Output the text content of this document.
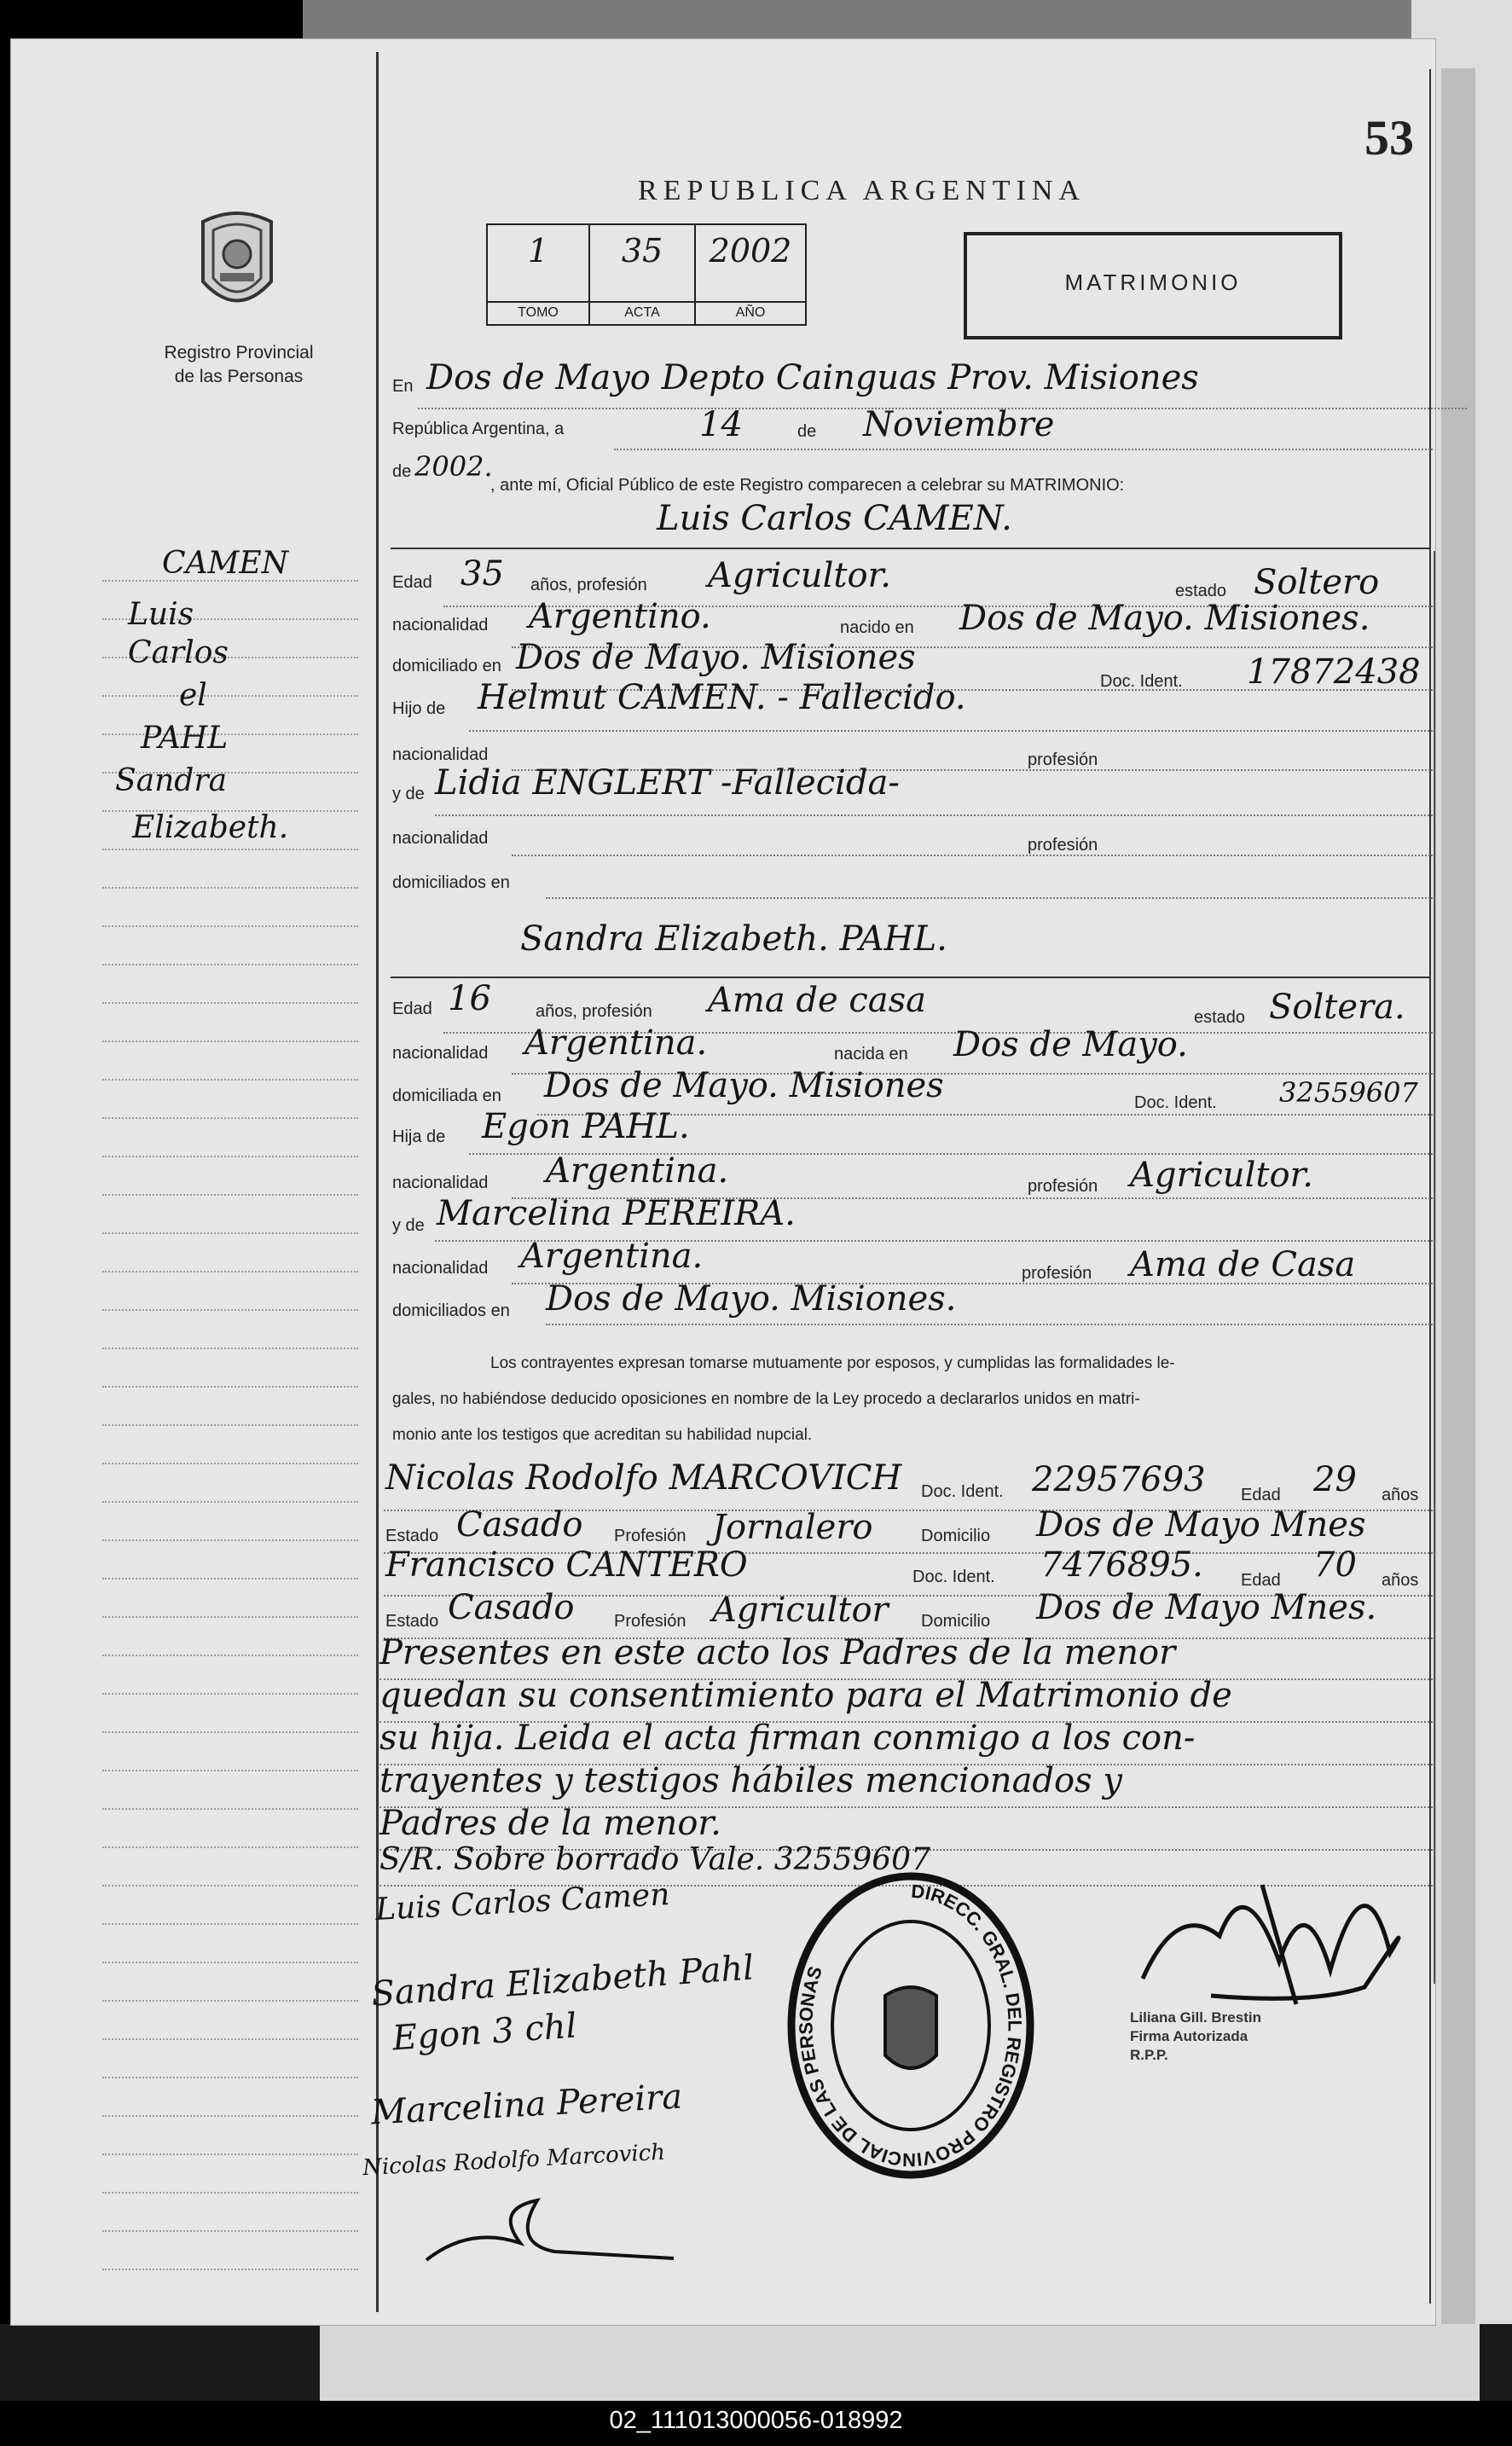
53
REPUBLICA ARGENTINA
1
TOMO
35
ACTA
2002
AÑO
MATRIMONIO
Registro Provincial
de las Personas
CAMEN
Luis
Carlos
el
PAHL
Sandra
Elizabeth.
En Dos de Mayo Depto Cainguas Prov. Misiones
República Argentina, a	14	de Noviembre
de 2002.
, ante mí, Oficial Público de este Registro comparecen a celebrar su MATRIMONIO:
Luis Carlos CAMEN.
Edad 35 años, profesión Agricultor.	estado Soltero
nacionalidad Argentino.	nacido en Dos de Mayo. Misiones.
domiciliado en Dos de Mayo. Misiones
Doc. Ident. 17872438
Hijo de Helmut CAMEN. - Fallecido.
nacionalidad	profesión
y de Lidia ENGLERT -Fallecida-
nacionalidad	profesión
domiciliados en
Sandra Elizabeth. PAHL.
Edad 16	años, profesión Ama de casa	estado Soltera.
nacionalidad Argentina.	nacida en Dos de Mayo.
domiciliada en Dos de Mayo. Misiones	Doc. Ident. 32559607
Hija de Egon PAHL.
nacionalidad Argentina.	profesión Agricultor.
y de Marcelina PEREIRA.
nacionalidad Argentina.	profesión Ama de Casa
domiciliados en Dos de Mayo. Misiones.
Los contrayentes expresan tomarse mutuamente por esposos, y cumplidas las formalidades le-
gales, no habiéndose deducido oposiciones en nombre de la Ley procedo a declararlos unidos en matri-
monio ante los testigos que acreditan su habilidad nupcial.
Nicolas Rodolfo MARCOVICH Doc. Ident. 22957693 Edad 29 años
Estado Casado Profesión Jornalero	Domicilio Dos de Mayo Mnes
Francisco CANTERO	Doc. Ident. 7476895. Edad 70 años
Estado Casado Profesión Agricultor Domicilio Dos de Mayo Mnes.
Presentes en este acto los Padres de la menor
quedan su consentimiento para el Matrimonio de
su hija. Leida el acta firman conmigo a los con-
trayentes y testigos hábiles mencionados y
Padres de la menor.
S/R. Sobre borrado Vale. 32559607
Luis Carlos Camen
Sandra Elizabeth Pahl
Egon 3 chl
Marcelina Pereira
Nicolas Rodolfo Marcovich
Liliana Gill. Brestin
Firma Autorizada
R.P.P.
DIRECC. GRAL. DEL REGISTRO PROVINCIAL DE LAS PERSONAS
02_111013000056-018992
